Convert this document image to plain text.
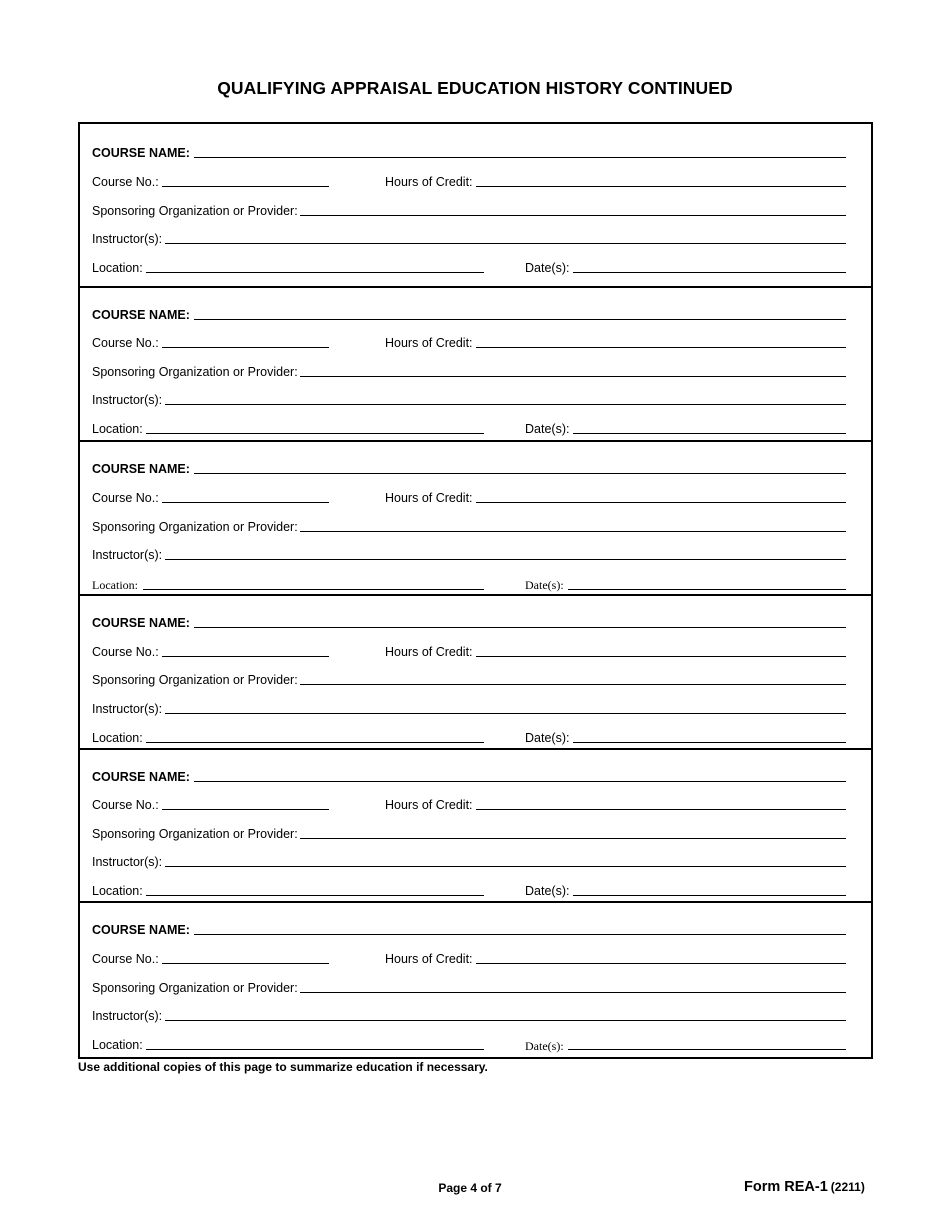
QUALIFYING APPRAISAL EDUCATION HISTORY CONTINUED
COURSE NAME:
Course No.:	Hours of Credit:
Sponsoring Organization or Provider:
Instructor(s):
Location:	Date(s):
COURSE NAME:
Course No.:	Hours of Credit:
Sponsoring Organization or Provider:
Instructor(s):
Location:	Date(s):
COURSE NAME:
Course No.:	Hours of Credit:
Sponsoring Organization or Provider:
Instructor(s):
Location:	Date(s):
COURSE NAME:
Course No.:	Hours of Credit:
Sponsoring Organization or Provider:
Instructor(s):
Location:	Date(s):
COURSE NAME:
Course No.:	Hours of Credit:
Sponsoring Organization or Provider:
Instructor(s):
Location:	Date(s):
COURSE NAME:
Course No.:	Hours of Credit:
Sponsoring Organization or Provider:
Instructor(s):
Location:	Date(s):
Use additional copies of this page to summarize education if necessary.
Page 4 of 7	Form REA-1 (2211)
